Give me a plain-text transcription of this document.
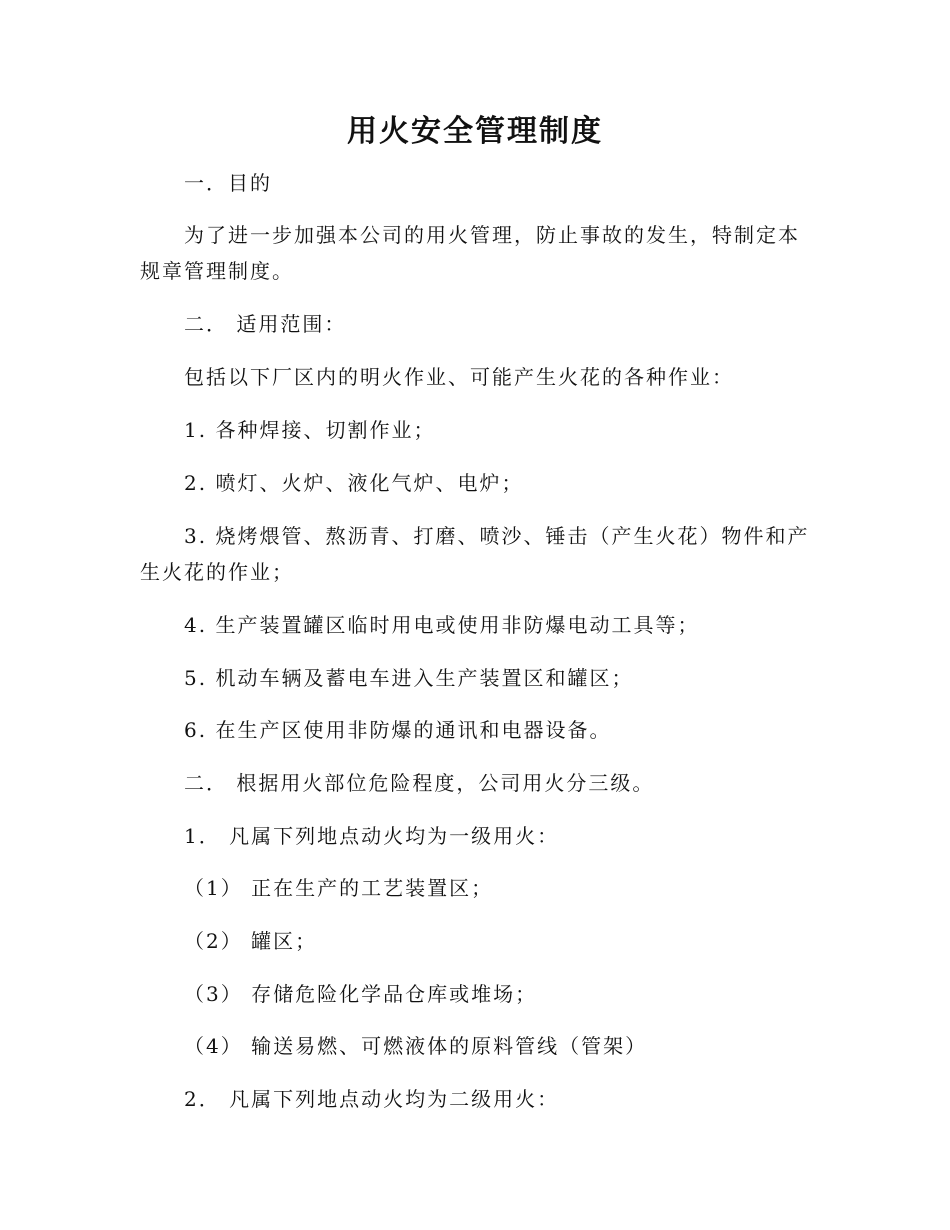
用火安全管理制度

一．目的

为了进一步加强本公司的用火管理，防止事故的发生，特制定本规章管理制度。

二． 适用范围：

包括以下厂区内的明火作业、可能产生火花的各种作业：

1. 各种焊接、切割作业；

2. 喷灯、火炉、液化气炉、电炉；

3. 烧烤煨管、熬沥青、打磨、喷沙、锤击（产生火花）物件和产生火花的作业；

4. 生产装置罐区临时用电或使用非防爆电动工具等；

5. 机动车辆及蓄电车进入生产装置区和罐区；

6. 在生产区使用非防爆的通讯和电器设备。

二． 根据用火部位危险程度，公司用火分三级。

1． 凡属下列地点动火均为一级用火：

（1） 正在生产的工艺装置区；

（2） 罐区；

（3） 存储危险化学品仓库或堆场；

（4） 输送易燃、可燃液体的原料管线（管架）

2． 凡属下列地点动火均为二级用火：
